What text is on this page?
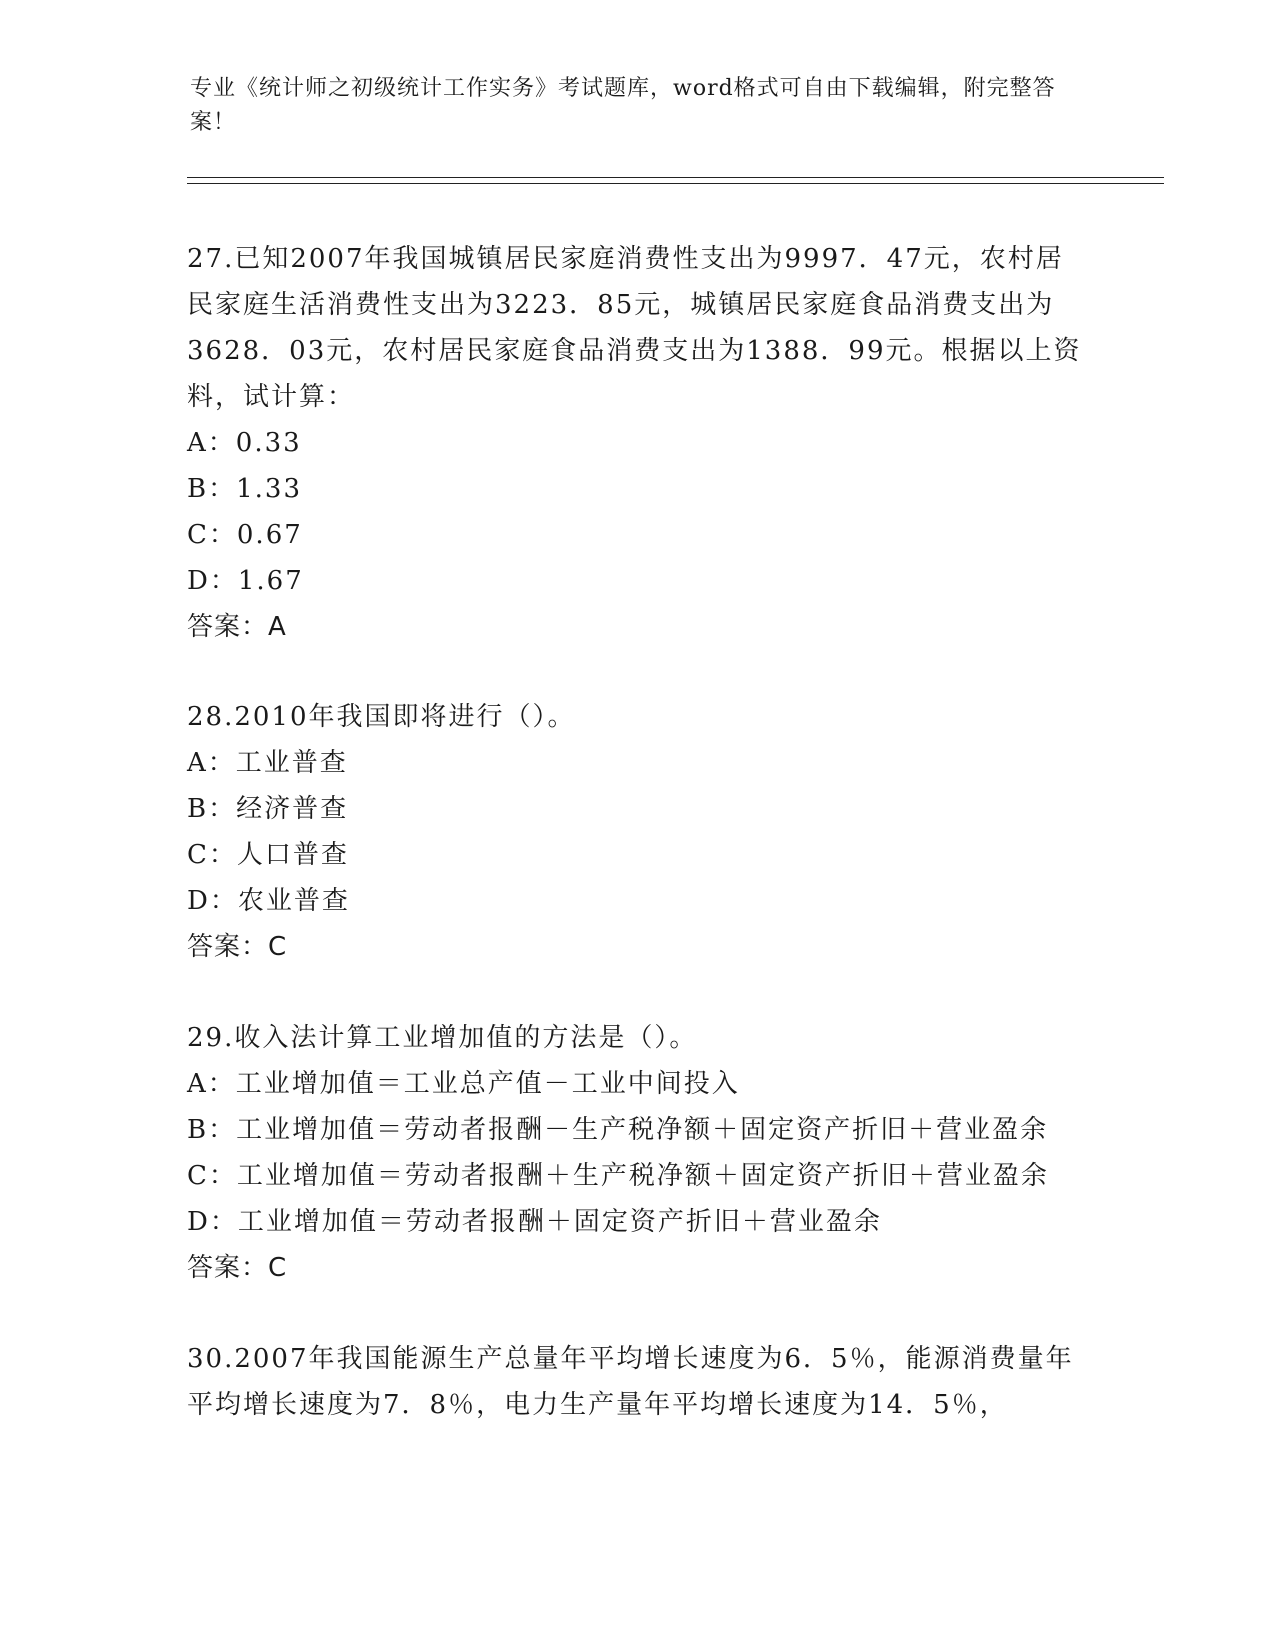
专业《统计师之初级统计工作实务》考试题库，word格式可自由下载编辑，附完整答案！

27.已知2007年我国城镇居民家庭消费性支出为9997．47元，农村居民家庭生活消费性支出为3223．85元，城镇居民家庭食品消费支出为3628．03元，农村居民家庭食品消费支出为1388．99元。根据以上资料，试计算：

A：0.33

B：1.33

C：0.67

D：1.67

答案：A

28.2010年我国即将进行（）。

A：工业普查

B：经济普查

C：人口普查

D：农业普查

答案：C

29.收入法计算工业增加值的方法是（）。

A：工业增加值＝工业总产值－工业中间投入

B：工业增加值＝劳动者报酬－生产税净额＋固定资产折旧＋营业盈余

C：工业增加值＝劳动者报酬＋生产税净额＋固定资产折旧＋营业盈余

D：工业增加值＝劳动者报酬＋固定资产折旧＋营业盈余

答案：C

30.2007年我国能源生产总量年平均增长速度为6．5％，能源消费量年平均增长速度为7．8％，电力生产量年平均增长速度为14．5％，
